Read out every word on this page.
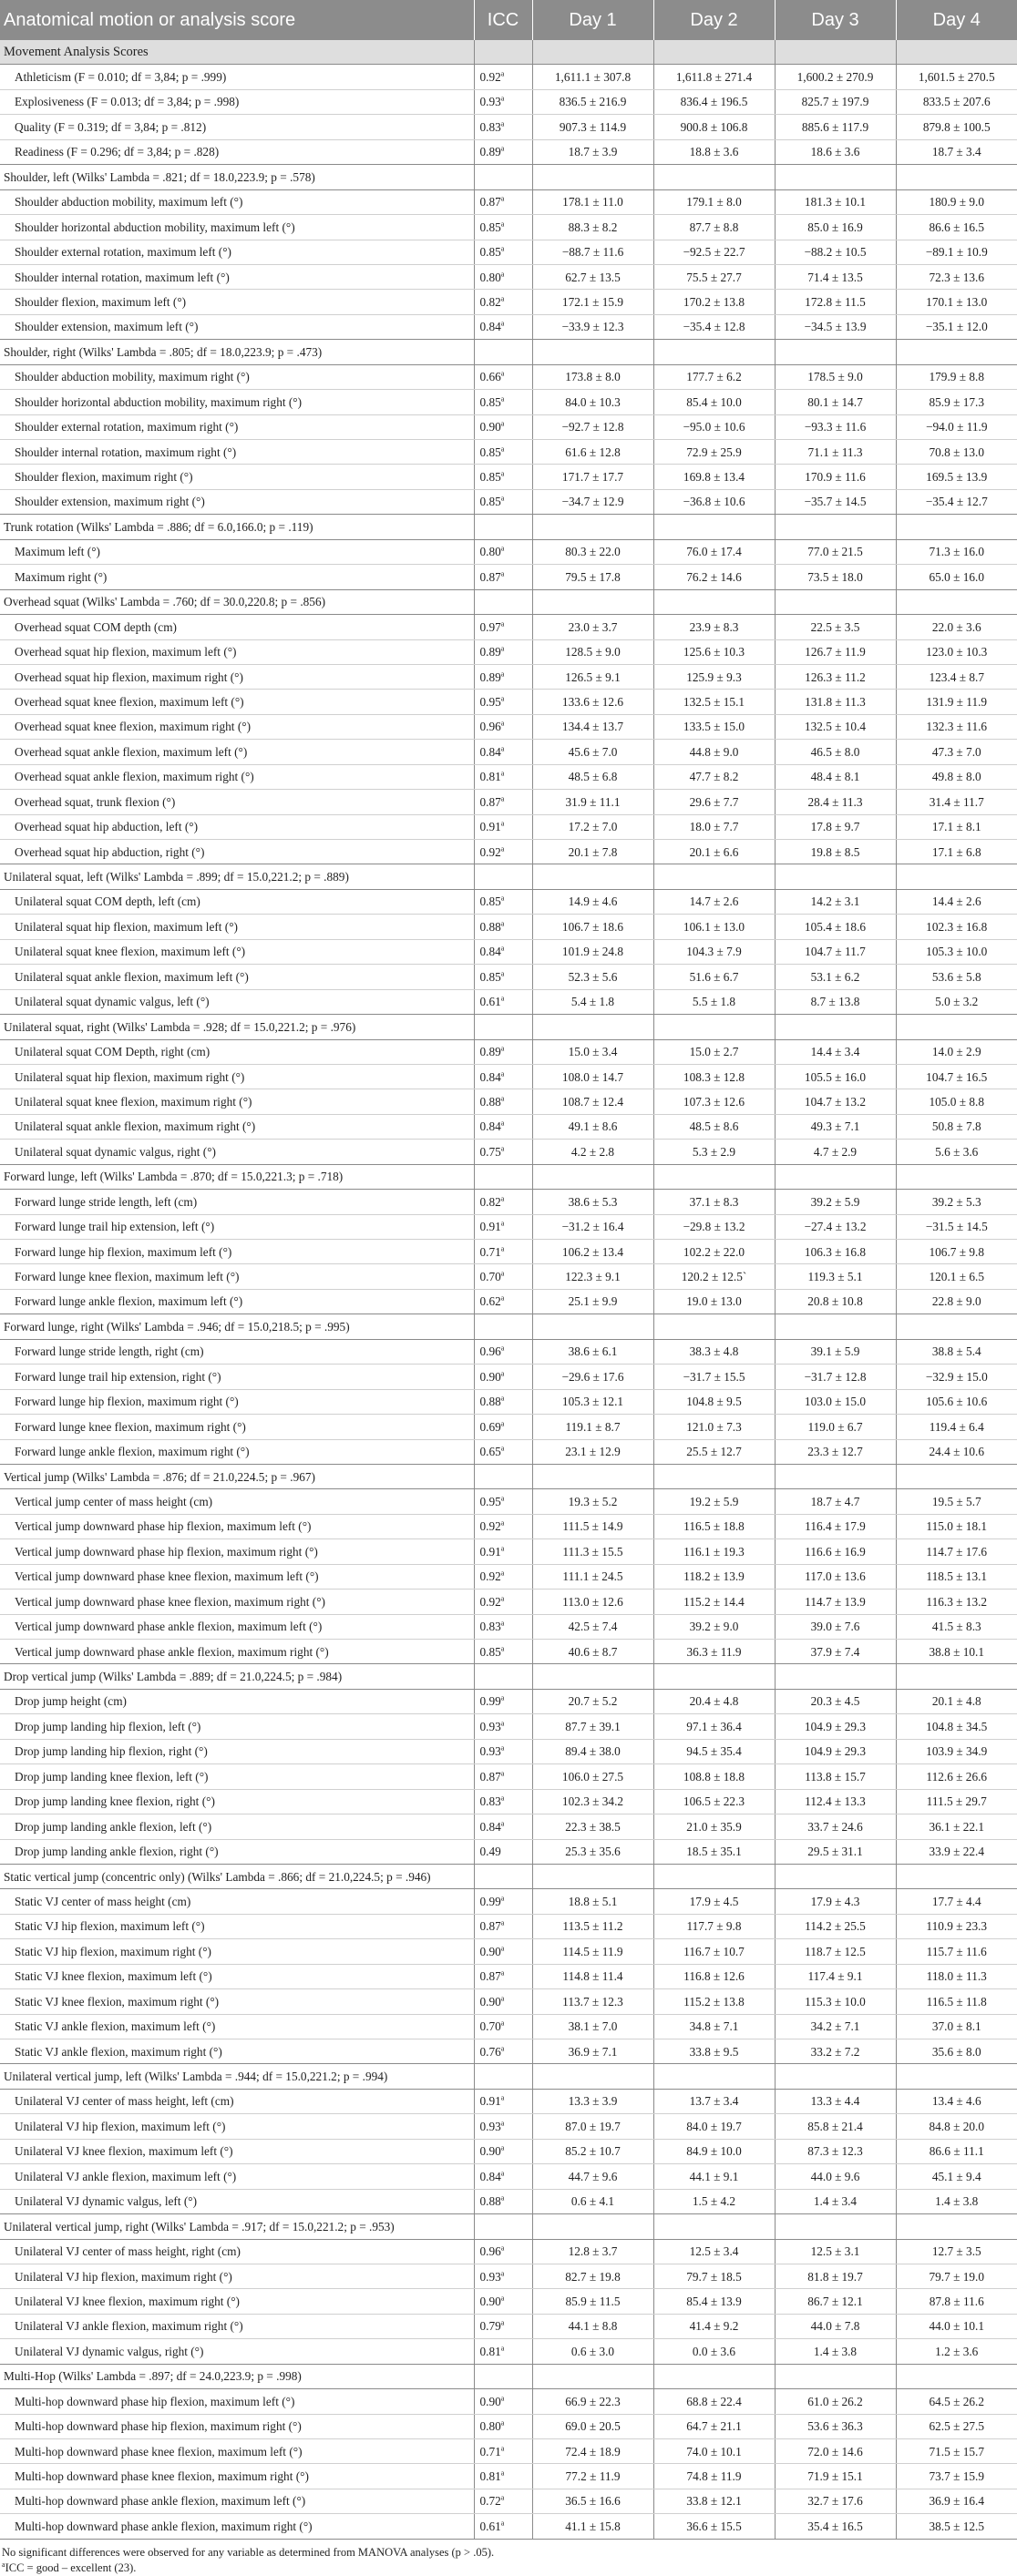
Anatomical motion or analysis score	ICC	Day 1	Day 2	Day 3	Day 4
Movement Analysis Scores					
Athleticism (F = 0.010; df = 3,84; p = .999)	0.92$^a$	1,611.1 ± 307.8	1,611.8 ± 271.4	1,600.2 ± 270.9	1,601.5 ± 270.5
Explosiveness (F = 0.013; df = 3,84; p = .998)	0.93$^a$	836.5 ± 216.9	836.4 ± 196.5	825.7 ± 197.9	833.5 ± 207.6
Quality (F = 0.319; df = 3,84; p = .812)	0.83$^a$	907.3 ± 114.9	900.8 ± 106.8	885.6 ± 117.9	879.8 ± 100.5
Readiness (F = 0.296; df = 3,84; p = .828)	0.89$^a$	18.7 ± 3.9	18.8 ± 3.6	18.6 ± 3.6	18.7 ± 3.4
Shoulder, left (Wilks' Lambda = .821; df = 18.0,223.9; p = .578)					
Shoulder abduction mobility, maximum left (°)	0.87$^a$	178.1 ± 11.0	179.1 ± 8.0	181.3 ± 10.1	180.9 ± 9.0
Shoulder horizontal abduction mobility, maximum left (°)	0.85$^a$	88.3 ± 8.2	87.7 ± 8.8	85.0 ± 16.9	86.6 ± 16.5
Shoulder external rotation, maximum left (°)	0.85$^a$	−88.7 ± 11.6	−92.5 ± 22.7	−88.2 ± 10.5	−89.1 ± 10.9
Shoulder internal rotation, maximum left (°)	0.80$^a$	62.7 ± 13.5	75.5 ± 27.7	71.4 ± 13.5	72.3 ± 13.6
Shoulder flexion, maximum left (°)	0.82$^a$	172.1 ± 15.9	170.2 ± 13.8	172.8 ± 11.5	170.1 ± 13.0
Shoulder extension, maximum left (°)	0.84$^a$	−33.9 ± 12.3	−35.4 ± 12.8	−34.5 ± 13.9	−35.1 ± 12.0
Shoulder, right (Wilks' Lambda = .805; df = 18.0,223.9; p = .473)					
Shoulder abduction mobility, maximum right (°)	0.66$^a$	173.8 ± 8.0	177.7 ± 6.2	178.5 ± 9.0	179.9 ± 8.8
Shoulder horizontal abduction mobility, maximum right (°)	0.85$^a$	84.0 ± 10.3	85.4 ± 10.0	80.1 ± 14.7	85.9 ± 17.3
Shoulder external rotation, maximum right (°)	0.90$^a$	−92.7 ± 12.8	−95.0 ± 10.6	−93.3 ± 11.6	−94.0 ± 11.9
Shoulder internal rotation, maximum right (°)	0.85$^a$	61.6 ± 12.8	72.9 ± 25.9	71.1 ± 11.3	70.8 ± 13.0
Shoulder flexion, maximum right (°)	0.85$^a$	171.7 ± 17.7	169.8 ± 13.4	170.9 ± 11.6	169.5 ± 13.9
Shoulder extension, maximum right (°)	0.85$^a$	−34.7 ± 12.9	−36.8 ± 10.6	−35.7 ± 14.5	−35.4 ± 12.7
Trunk rotation (Wilks' Lambda = .886; df = 6.0,166.0; p = .119)					
Maximum left (°)	0.80$^a$	80.3 ± 22.0	76.0 ± 17.4	77.0 ± 21.5	71.3 ± 16.0
Maximum right (°)	0.87$^a$	79.5 ± 17.8	76.2 ± 14.6	73.5 ± 18.0	65.0 ± 16.0
Overhead squat (Wilks' Lambda = .760; df = 30.0,220.8; p = .856)					
Overhead squat COM depth (cm)	0.97$^a$	23.0 ± 3.7	23.9 ± 8.3	22.5 ± 3.5	22.0 ± 3.6
Overhead squat hip flexion, maximum left (°)	0.89$^a$	128.5 ± 9.0	125.6 ± 10.3	126.7 ± 11.9	123.0 ± 10.3
Overhead squat hip flexion, maximum right (°)	0.89$^a$	126.5 ± 9.1	125.9 ± 9.3	126.3 ± 11.2	123.4 ± 8.7
Overhead squat knee flexion, maximum left (°)	0.95$^a$	133.6 ± 12.6	132.5 ± 15.1	131.8 ± 11.3	131.9 ± 11.9
Overhead squat knee flexion, maximum right (°)	0.96$^a$	134.4 ± 13.7	133.5 ± 15.0	132.5 ± 10.4	132.3 ± 11.6
Overhead squat ankle flexion, maximum left (°)	0.84$^a$	45.6 ± 7.0	44.8 ± 9.0	46.5 ± 8.0	47.3 ± 7.0
Overhead squat ankle flexion, maximum right (°)	0.81$^a$	48.5 ± 6.8	47.7 ± 8.2	48.4 ± 8.1	49.8 ± 8.0
Overhead squat, trunk flexion (°)	0.87$^a$	31.9 ± 11.1	29.6 ± 7.7	28.4 ± 11.3	31.4 ± 11.7
Overhead squat hip abduction, left (°)	0.91$^a$	17.2 ± 7.0	18.0 ± 7.7	17.8 ± 9.7	17.1 ± 8.1
Overhead squat hip abduction, right (°)	0.92$^a$	20.1 ± 7.8	20.1 ± 6.6	19.8 ± 8.5	17.1 ± 6.8
Unilateral squat, left (Wilks' Lambda = .899; df = 15.0,221.2; p = .889)					
Unilateral squat COM depth, left (cm)	0.85$^a$	14.9 ± 4.6	14.7 ± 2.6	14.2 ± 3.1	14.4 ± 2.6
Unilateral squat hip flexion, maximum left (°)	0.88$^a$	106.7 ± 18.6	106.1 ± 13.0	105.4 ± 18.6	102.3 ± 16.8
Unilateral squat knee flexion, maximum left (°)	0.84$^a$	101.9 ± 24.8	104.3 ± 7.9	104.7 ± 11.7	105.3 ± 10.0
Unilateral squat ankle flexion, maximum left (°)	0.85$^a$	52.3 ± 5.6	51.6 ± 6.7	53.1 ± 6.2	53.6 ± 5.8
Unilateral squat dynamic valgus, left (°)	0.61$^a$	5.4 ± 1.8	5.5 ± 1.8	8.7 ± 13.8	5.0 ± 3.2
Unilateral squat, right (Wilks' Lambda = .928; df = 15.0,221.2; p = .976)					
Unilateral squat COM Depth, right (cm)	0.89$^a$	15.0 ± 3.4	15.0 ± 2.7	14.4 ± 3.4	14.0 ± 2.9
Unilateral squat hip flexion, maximum right (°)	0.84$^a$	108.0 ± 14.7	108.3 ± 12.8	105.5 ± 16.0	104.7 ± 16.5
Unilateral squat knee flexion, maximum right (°)	0.88$^a$	108.7 ± 12.4	107.3 ± 12.6	104.7 ± 13.2	105.0 ± 8.8
Unilateral squat ankle flexion, maximum right (°)	0.84$^a$	49.1 ± 8.6	48.5 ± 8.6	49.3 ± 7.1	50.8 ± 7.8
Unilateral squat dynamic valgus, right (°)	0.75$^a$	4.2 ± 2.8	5.3 ± 2.9	4.7 ± 2.9	5.6 ± 3.6
Forward lunge, left (Wilks' Lambda = .870; df = 15.0,221.3; p = .718)					
Forward lunge stride length, left (cm)	0.82$^a$	38.6 ± 5.3	37.1 ± 8.3	39.2 ± 5.9	39.2 ± 5.3
Forward lunge trail hip extension, left (°)	0.91$^a$	−31.2 ± 16.4	−29.8 ± 13.2	−27.4 ± 13.2	−31.5 ± 14.5
Forward lunge hip flexion, maximum left (°)	0.71$^a$	106.2 ± 13.4	102.2 ± 22.0	106.3 ± 16.8	106.7 ± 9.8
Forward lunge knee flexion, maximum left (°)	0.70$^a$	122.3 ± 9.1	120.2 ± 12.5`	119.3 ± 5.1	120.1 ± 6.5
Forward lunge ankle flexion, maximum left (°)	0.62$^a$	25.1 ± 9.9	19.0 ± 13.0	20.8 ± 10.8	22.8 ± 9.0
Forward lunge, right (Wilks' Lambda = .946; df = 15.0,218.5; p = .995)					
Forward lunge stride length, right (cm)	0.96$^a$	38.6 ± 6.1	38.3 ± 4.8	39.1 ± 5.9	38.8 ± 5.4
Forward lunge trail hip extension, right (°)	0.90$^a$	−29.6 ± 17.6	−31.7 ± 15.5	−31.7 ± 12.8	−32.9 ± 15.0
Forward lunge hip flexion, maximum right (°)	0.88$^a$	105.3 ± 12.1	104.8 ± 9.5	103.0 ± 15.0	105.6 ± 10.6
Forward lunge knee flexion, maximum right (°)	0.69$^a$	119.1 ± 8.7	121.0 ± 7.3	119.0 ± 6.7	119.4 ± 6.4
Forward lunge ankle flexion, maximum right (°)	0.65$^a$	23.1 ± 12.9	25.5 ± 12.7	23.3 ± 12.7	24.4 ± 10.6
Vertical jump (Wilks' Lambda = .876; df = 21.0,224.5; p = .967)					
Vertical jump center of mass height (cm)	0.95$^a$	19.3 ± 5.2	19.2 ± 5.9	18.7 ± 4.7	19.5 ± 5.7
Vertical jump downward phase hip flexion, maximum left (°)	0.92$^a$	111.5 ± 14.9	116.5 ± 18.8	116.4 ± 17.9	115.0 ± 18.1
Vertical jump downward phase hip flexion, maximum right (°)	0.91$^a$	111.3 ± 15.5	116.1 ± 19.3	116.6 ± 16.9	114.7 ± 17.6
Vertical jump downward phase knee flexion, maximum left (°)	0.92$^a$	111.1 ± 24.5	118.2 ± 13.9	117.0 ± 13.6	118.5 ± 13.1
Vertical jump downward phase knee flexion, maximum right (°)	0.92$^a$	113.0 ± 12.6	115.2 ± 14.4	114.7 ± 13.9	116.3 ± 13.2
Vertical jump downward phase ankle flexion, maximum left (°)	0.83$^a$	42.5 ± 7.4	39.2 ± 9.0	39.0 ± 7.6	41.5 ± 8.3
Vertical jump downward phase ankle flexion, maximum right (°)	0.85$^a$	40.6 ± 8.7	36.3 ± 11.9	37.9 ± 7.4	38.8 ± 10.1
Drop vertical jump (Wilks' Lambda = .889; df = 21.0,224.5; p = .984)					
Drop jump height (cm)	0.99$^a$	20.7 ± 5.2	20.4 ± 4.8	20.3 ± 4.5	20.1 ± 4.8
Drop jump landing hip flexion, left (°)	0.93$^a$	87.7 ± 39.1	97.1 ± 36.4	104.9 ± 29.3	104.8 ± 34.5
Drop jump landing hip flexion, right (°)	0.93$^a$	89.4 ± 38.0	94.5 ± 35.4	104.9 ± 29.3	103.9 ± 34.9
Drop jump landing knee flexion, left (°)	0.87$^a$	106.0 ± 27.5	108.8 ± 18.8	113.8 ± 15.7	112.6 ± 26.6
Drop jump landing knee flexion, right (°)	0.83$^a$	102.3 ± 34.2	106.5 ± 22.3	112.4 ± 13.3	111.5 ± 29.7
Drop jump landing ankle flexion, left (°)	0.84$^a$	22.3 ± 38.5	21.0 ± 35.9	33.7 ± 24.6	36.1 ± 22.1
Drop jump landing ankle flexion, right (°)	0.49	25.3 ± 35.6	18.5 ± 35.1	29.5 ± 31.1	33.9 ± 22.4
Static vertical jump (concentric only) (Wilks' Lambda = .866; df = 21.0,224.5; p = .946)					
Static VJ center of mass height (cm)	0.99$^a$	18.8 ± 5.1	17.9 ± 4.5	17.9 ± 4.3	17.7 ± 4.4
Static VJ hip flexion, maximum left (°)	0.87$^a$	113.5 ± 11.2	117.7 ± 9.8	114.2 ± 25.5	110.9 ± 23.3
Static VJ hip flexion, maximum right (°)	0.90$^a$	114.5 ± 11.9	116.7 ± 10.7	118.7 ± 12.5	115.7 ± 11.6
Static VJ knee flexion, maximum left (°)	0.87$^a$	114.8 ± 11.4	116.8 ± 12.6	117.4 ± 9.1	118.0 ± 11.3
Static VJ knee flexion, maximum right (°)	0.90$^a$	113.7 ± 12.3	115.2 ± 13.8	115.3 ± 10.0	116.5 ± 11.8
Static VJ ankle flexion, maximum left (°)	0.70$^a$	38.1 ± 7.0	34.8 ± 7.1	34.2 ± 7.1	37.0 ± 8.1
Static VJ ankle flexion, maximum right (°)	0.76$^a$	36.9 ± 7.1	33.8 ± 9.5	33.2 ± 7.2	35.6 ± 8.0
Unilateral vertical jump, left (Wilks' Lambda = .944; df = 15.0,221.2; p = .994)					
Unilateral VJ center of mass height, left (cm)	0.91$^a$	13.3 ± 3.9	13.7 ± 3.4	13.3 ± 4.4	13.4 ± 4.6
Unilateral VJ hip flexion, maximum left (°)	0.93$^a$	87.0 ± 19.7	84.0 ± 19.7	85.8 ± 21.4	84.8 ± 20.0
Unilateral VJ knee flexion, maximum left (°)	0.90$^a$	85.2 ± 10.7	84.9 ± 10.0	87.3 ± 12.3	86.6 ± 11.1
Unilateral VJ ankle flexion, maximum left (°)	0.84$^a$	44.7 ± 9.6	44.1 ± 9.1	44.0 ± 9.6	45.1 ± 9.4
Unilateral VJ dynamic valgus, left (°)	0.88$^a$	0.6 ± 4.1	1.5 ± 4.2	1.4 ± 3.4	1.4 ± 3.8
Unilateral vertical jump, right (Wilks' Lambda = .917; df = 15.0,221.2; p = .953)					
Unilateral VJ center of mass height, right (cm)	0.96$^a$	12.8 ± 3.7	12.5 ± 3.4	12.5 ± 3.1	12.7 ± 3.5
Unilateral VJ hip flexion, maximum right (°)	0.93$^a$	82.7 ± 19.8	79.7 ± 18.5	81.8 ± 19.7	79.7 ± 19.0
Unilateral VJ knee flexion, maximum right (°)	0.90$^a$	85.9 ± 11.5	85.4 ± 13.9	86.7 ± 12.1	87.8 ± 11.6
Unilateral VJ ankle flexion, maximum right (°)	0.79$^a$	44.1 ± 8.8	41.4 ± 9.2	44.0 ± 7.8	44.0 ± 10.1
Unilateral VJ dynamic valgus, right (°)	0.81$^a$	0.6 ± 3.0	0.0 ± 3.6	1.4 ± 3.8	1.2 ± 3.6
Multi-Hop (Wilks' Lambda = .897; df = 24.0,223.9; p = .998)					
Multi-hop downward phase hip flexion, maximum left (°)	0.90$^a$	66.9 ± 22.3	68.8 ± 22.4	61.0 ± 26.2	64.5 ± 26.2
Multi-hop downward phase hip flexion, maximum right (°)	0.80$^a$	69.0 ± 20.5	64.7 ± 21.1	53.6 ± 36.3	62.5 ± 27.5
Multi-hop downward phase knee flexion, maximum left (°)	0.71$^a$	72.4 ± 18.9	74.0 ± 10.1	72.0 ± 14.6	71.5 ± 15.7
Multi-hop downward phase knee flexion, maximum right (°)	0.81$^a$	77.2 ± 11.9	74.8 ± 11.9	71.9 ± 15.1	73.7 ± 15.9
Multi-hop downward phase ankle flexion, maximum left (°)	0.72$^a$	36.5 ± 16.6	33.8 ± 12.1	32.7 ± 17.6	36.9 ± 16.4
Multi-hop downward phase ankle flexion, maximum right (°)	0.61$^a$	41.1 ± 15.8	36.6 ± 15.5	35.4 ± 16.5	38.5 ± 12.5

No significant differences were observed for any variable as determined from MANOVA analyses (p > .05).

$^a$ICC = good – excellent (23).
